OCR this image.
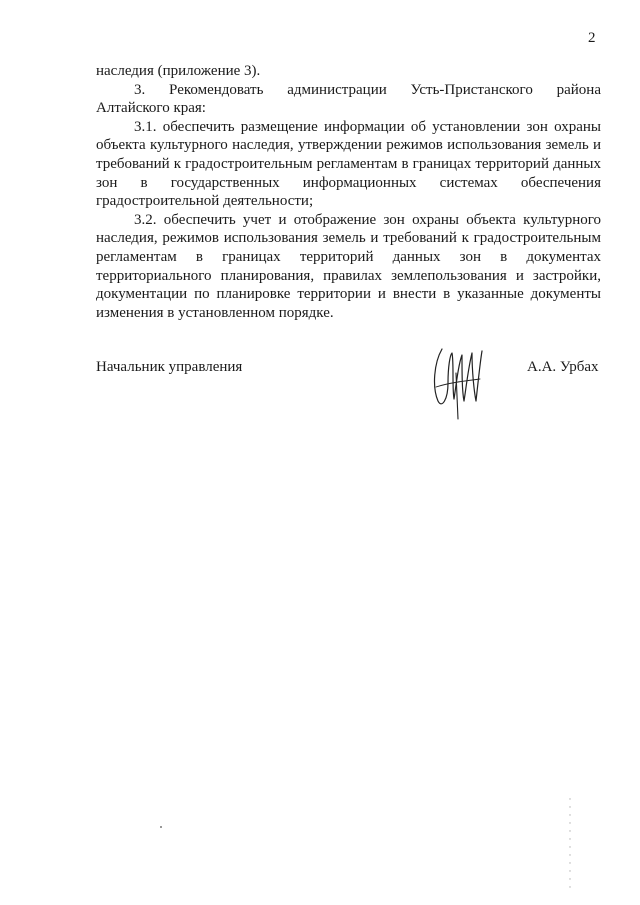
2

наследия (приложение 3).

3. Рекомендовать администрации Усть-Пристанского района

Алтайского края:

3.1. обеспечить размещение информации об установлении зон охраны объекта культурного наследия, утверждении режимов использования земель и требований к градостроительным регламентам в границах территорий данных зон в государственных информационных системах обеспечения градостроительной деятельности;

3.2. обеспечить учет и отображение зон охраны объекта культурного наследия, режимов использования земель и требований к градостроительным регламентам в границах территорий данных зон в документах территориального планирования, правилах землепользования и застройки, документации по планировке территории и внести в указанные документы изменения в установленном порядке.

Начальник управления	А.А. Урбах
